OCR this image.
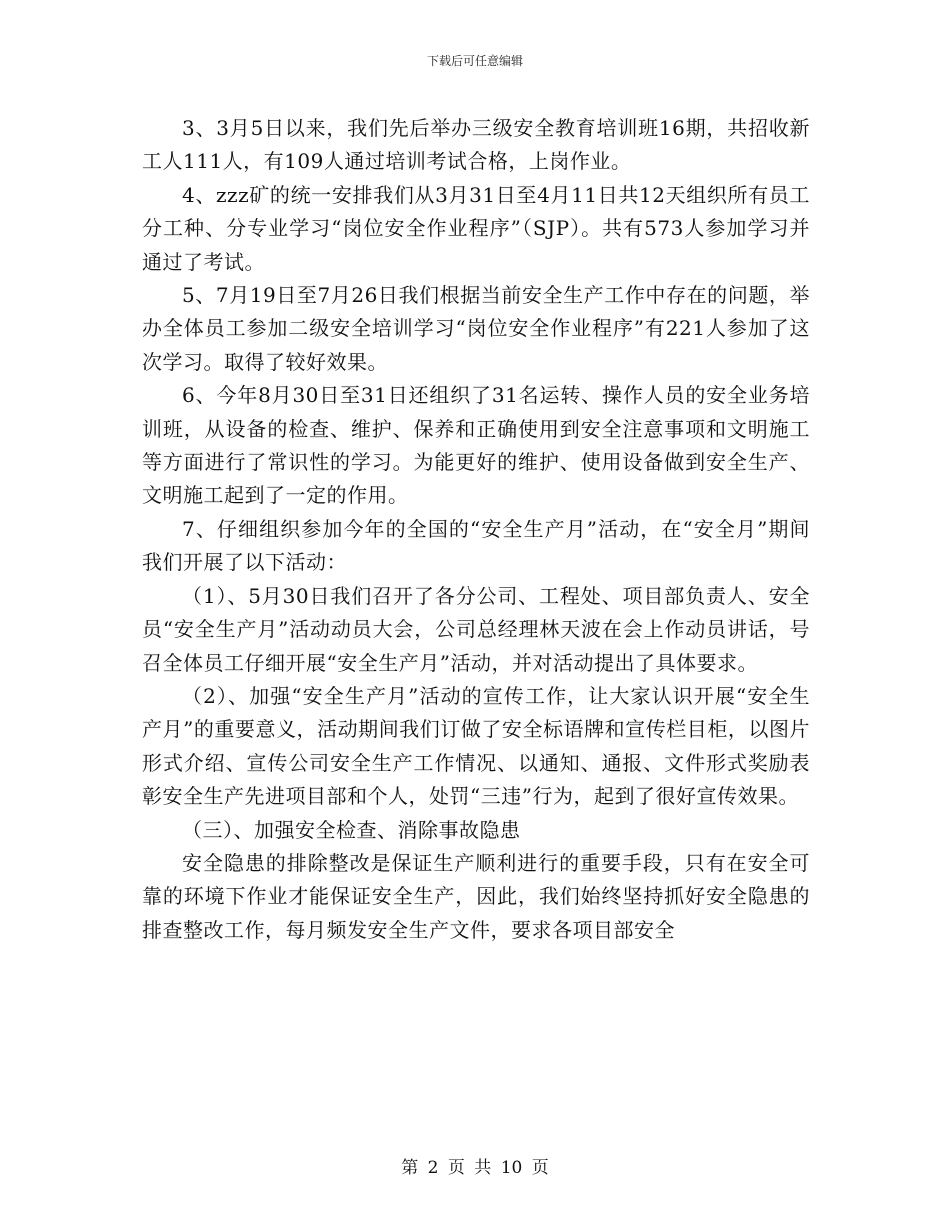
下载后可任意编辑

3、3月5日以来，我们先后举办三级安全教育培训班16期，共招收新工人111人，有109人通过培训考试合格，上岗作业。

4、zzz矿的统一安排我们从3月31日至4月11日共12天组织所有员工分工种、分专业学习“岗位安全作业程序”（SJP）。共有573人参加学习并通过了考试。

5、7月19日至7月26日我们根据当前安全生产工作中存在的问题，举办全体员工参加二级安全培训学习“岗位安全作业程序”有221人参加了这次学习。取得了较好效果。

6、今年8月30日至31日还组织了31名运转、操作人员的安全业务培训班，从设备的检查、维护、保养和正确使用到安全注意事项和文明施工等方面进行了常识性的学习。为能更好的维护、使用设备做到安全生产、文明施工起到了一定的作用。

7、仔细组织参加今年的全国的“安全生产月”活动，在“安全月”期间我们开展了以下活动：

（1）、5月30日我们召开了各分公司、工程处、项目部负责人、安全员“安全生产月”活动动员大会，公司总经理林天波在会上作动员讲话，号召全体员工仔细开展“安全生产月”活动，并对活动提出了具体要求。

（2）、加强“安全生产月”活动的宣传工作，让大家认识开展“安全生产月”的重要意义，活动期间我们订做了安全标语牌和宣传栏目柜，以图片形式介绍、宣传公司安全生产工作情况、以通知、通报、文件形式奖励表彰安全生产先进项目部和个人，处罚“三违”行为，起到了很好宣传效果。

（三）、加强安全检查、消除事故隐患

安全隐患的排除整改是保证生产顺利进行的重要手段，只有在安全可靠的环境下作业才能保证安全生产，因此，我们始终坚持抓好安全隐患的排查整改工作，每月频发安全生产文件，要求各项目部安全

第 2 页 共 10 页
